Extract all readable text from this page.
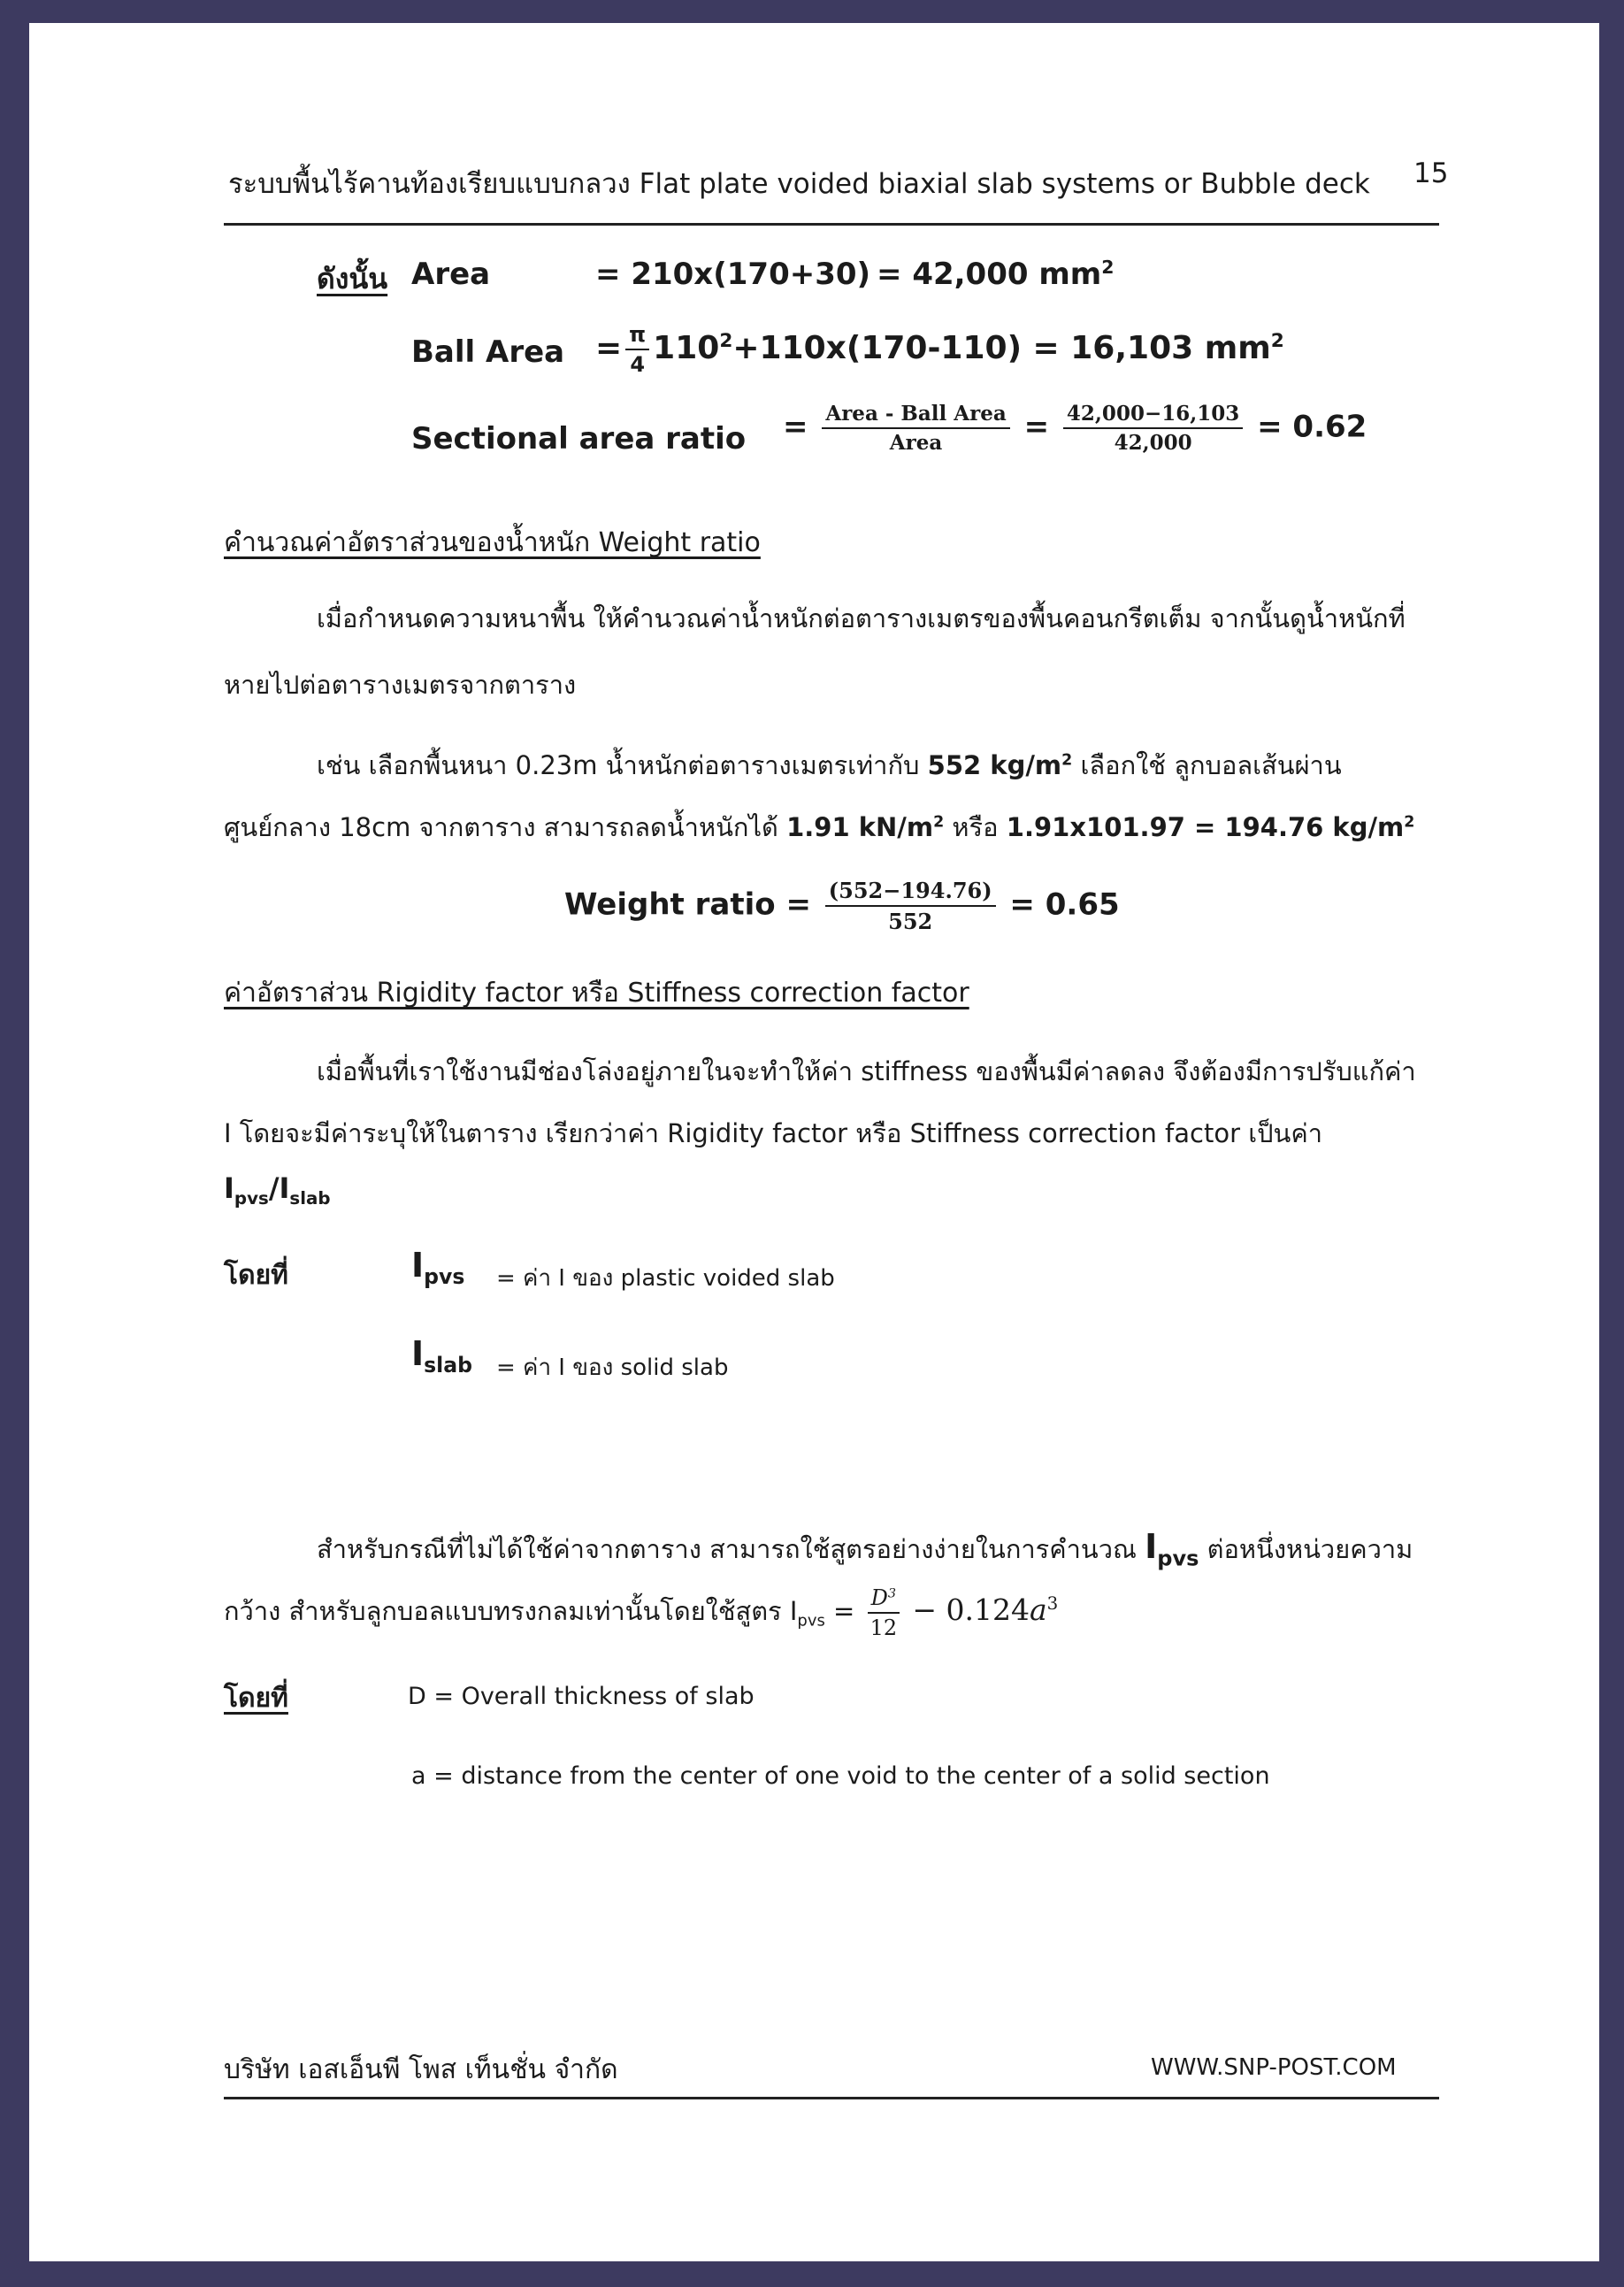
ระบบพื้นไร้คานท้องเรียบแบบกลวง Flat plate voided biaxial slab systems or Bubble deck 15
ดังนั้น Area	= 210x(170+30) = 42,000 $mm^2$
Ball Area = $\frac{\pi}{4} 110^2+110x(170-110) = 16,103$ $mm^2$
Sectional area ratio = $\frac{\text{Area - Ball Area}}{\text{Area}} = \frac{42,000-16,103}{42,000} = 0.62$
คำนวณค่าอัตราส่วนของน้ำหนัก Weight ratio
เมื่อกำหนดความหนาพื้น ให้คำนวณค่าน้ำหนักต่อตารางเมตรของพื้นคอนกรีตเต็ม จากนั้นดูน้ำหนักที่
หายไปต่อตารางเมตรจากตาราง
เช่น เลือกพื้นหนา 0.23m น้ำหนักต่อตารางเมตรเท่ากับ 552 $kg/m^2$ เลือกใช้ ลูกบอลเส้นผ่าน
ศูนย์กลาง 18cm จากตาราง สามารถลดน้ำหนักได้ 1.91 $kN/m^2$ หรือ 1.91x101.97 = 194.76 $kg/m^2$
Weight ratio = $\frac{(552-194.76)}{552} = 0.65$
ค่าอัตราส่วน Rigidity factor หรือ Stiffness correction factor
เมื่อพื้นที่เราใช้งานมีช่องโล่งอยู่ภายในจะทำให้ค่า stiffness ของพื้นมีค่าลดลง จึงต้องมีการปรับแก้ค่า
I โดยจะมีค่าระบุให้ในตาราง เรียกว่าค่า Rigidity factor หรือ Stiffness correction factor เป็นค่า
$I_{pvs}/I_{slab}$
โดยที่	$I_{pvs}$ = ค่า I ของ plastic voided slab
$I_{slab}$ = ค่า I ของ solid slab
สำหรับกรณีที่ไม่ได้ใช้ค่าจากตาราง สามารถใช้สูตรอย่างง่ายในการคำนวณ $I_{pvs}$ ต่อหนึ่งหน่วยความ
กว้าง สำหรับลูกบอลแบบทรงกลมเท่านั้นโดยใช้สูตร $I_{pvs} = \frac{D^3}{12} - 0.124a^3$
โดยที่	D = Overall thickness of slab
a = distance from the center of one void to the center of a solid section
บริษัท เอสเอ็นพี โพส เท็นชั่น จำกัด	WWW.SNP-POST.COM
